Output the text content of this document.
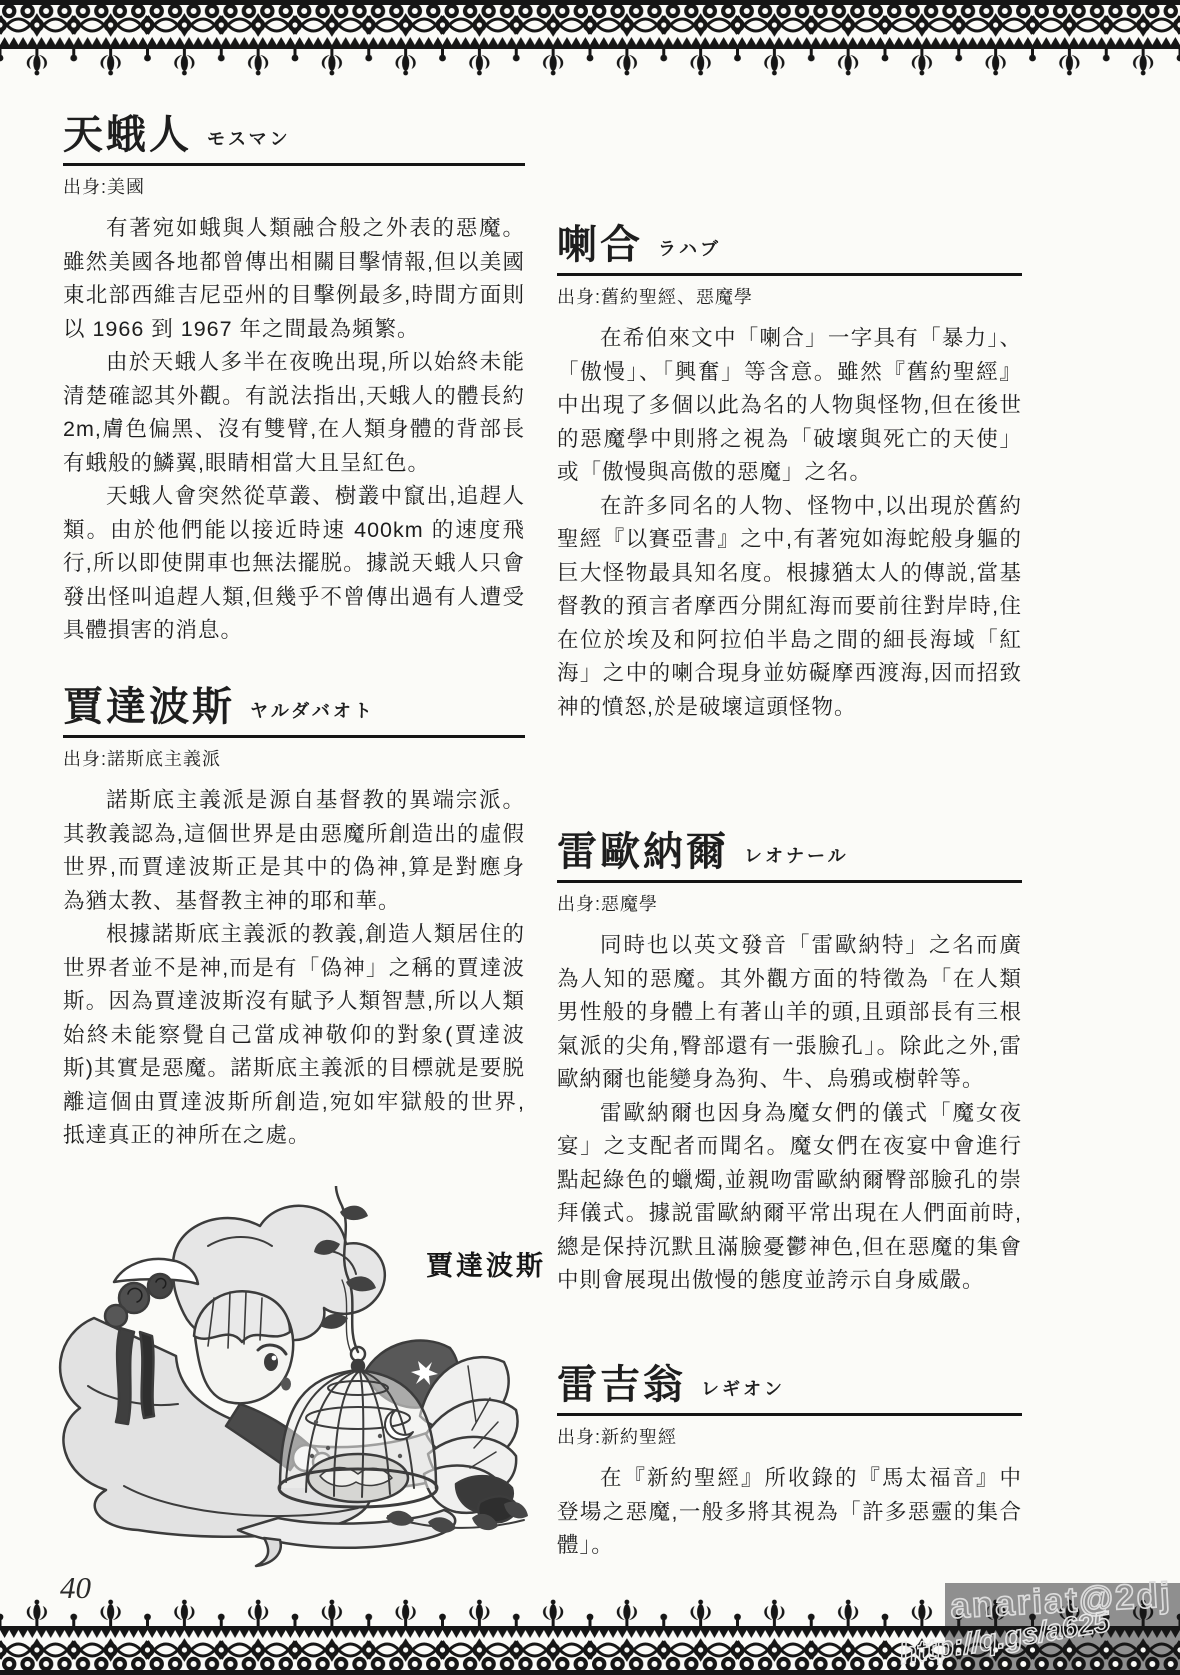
天蛾人 モスマン
出身:美國

有著宛如蛾與人類融合般之外表的惡魔。雖然美國各地都曾傳出相關目擊情報,但以美國東北部西維吉尼亞州的目擊例最多,時間方面則以 1966 到 1967 年之間最為頻繁。

由於天蛾人多半在夜晚出現,所以始終未能清楚確認其外觀。有説法指出,天蛾人的體長約 2m,膚色偏黑、沒有雙臂,在人類身體的背部長有蛾般的鱗翼,眼睛相當大且呈紅色。

天蛾人會突然從草叢、樹叢中竄出,追趕人類。由於他們能以接近時速 400km 的速度飛行,所以即使開車也無法擺脱。據説天蛾人只會發出怪叫追趕人類,但幾乎不曾傳出過有人遭受具體損害的消息。

賈達波斯 ヤルダバオト
出身:諾斯底主義派

諾斯底主義派是源自基督教的異端宗派。其教義認為,這個世界是由惡魔所創造出的虛假世界,而賈達波斯正是其中的偽神,算是對應身為猶太教、基督教主神的耶和華。

根據諾斯底主義派的教義,創造人類居住的世界者並不是神,而是有「偽神」之稱的賈達波斯。因為賈達波斯沒有賦予人類智慧,所以人類始終未能察覺自己當成神敬仰的對象(賈達波斯)其實是惡魔。諾斯底主義派的目標就是要脱離這個由賈達波斯所創造,宛如牢獄般的世界,抵達真正的神所在之處。

喇合 ラハブ
出身:舊約聖經、惡魔學

在希伯來文中「喇合」一字具有「暴力」、「傲慢」、「興奮」等含意。雖然『舊約聖經』中出現了多個以此為名的人物與怪物,但在後世的惡魔學中則將之視為「破壞與死亡的天使」或「傲慢與高傲的惡魔」之名。

在許多同名的人物、怪物中,以出現於舊約聖經『以賽亞書』之中,有著宛如海蛇般身軀的巨大怪物最具知名度。根據猶太人的傳説,當基督教的預言者摩西分開紅海而要前往對岸時,住在位於埃及和阿拉伯半島之間的細長海域「紅海」之中的喇合現身並妨礙摩西渡海,因而招致神的憤怒,於是破壞這頭怪物。

雷歐納爾 レオナール
出身:惡魔學

同時也以英文發音「雷歐納特」之名而廣為人知的惡魔。其外觀方面的特徵為「在人類男性般的身體上有著山羊的頭,且頭部長有三根氣派的尖角,臀部還有一張臉孔」。除此之外,雷歐納爾也能變身為狗、牛、烏鴉或樹幹等。

雷歐納爾也因身為魔女們的儀式「魔女夜宴」之支配者而聞名。魔女們在夜宴中會進行點起綠色的蠟燭,並親吻雷歐納爾臀部臉孔的崇拜儀式。據説雷歐納爾平常出現在人們面前時,總是保持沉默且滿臉憂鬱神色,但在惡魔的集會中則會展現出傲慢的態度並誇示自身威嚴。

雷吉翁 レギオン
出身:新約聖經

在『新約聖經』所收錄的『馬太福音』中登場之惡魔,一般多將其視為「許多惡靈的集合體」。

賈達波斯
40	anariat@2dj
http://q.gs/a625
